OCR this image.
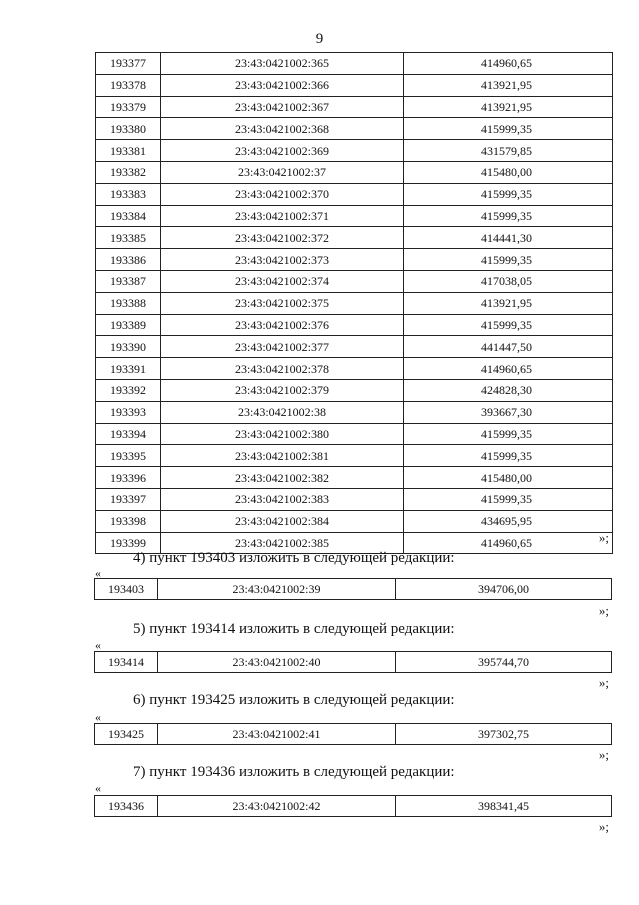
9
193377	23:43:0421002:365	414960,65
193378	23:43:0421002:366	413921,95
193379	23:43:0421002:367	413921,95
193380	23:43:0421002:368	415999,35
193381	23:43:0421002:369	431579,85
193382	23:43:0421002:37	415480,00
193383	23:43:0421002:370	415999,35
193384	23:43:0421002:371	415999,35
193385	23:43:0421002:372	414441,30
193386	23:43:0421002:373	415999,35
193387	23:43:0421002:374	417038,05
193388	23:43:0421002:375	413921,95
193389	23:43:0421002:376	415999,35
193390	23:43:0421002:377	441447,50
193391	23:43:0421002:378	414960,65
193392	23:43:0421002:379	424828,30
193393	23:43:0421002:38	393667,30
193394	23:43:0421002:380	415999,35
193395	23:43:0421002:381	415999,35
193396	23:43:0421002:382	415480,00
193397	23:43:0421002:383	415999,35
193398	23:43:0421002:384	434695,95
193399	23:43:0421002:385	414960,65	»;
4) пункт 193403 изложить в следующей редакции:
«
193403	23:43:0421002:39	394706,00
»;
5) пункт 193414 изложить в следующей редакции:
«
193414	23:43:0421002:40	395744,70
»;
6) пункт 193425 изложить в следующей редакции:
«
193425	23:43:0421002:41	397302,75
»;
7) пункт 193436 изложить в следующей редакции:
«
193436	23:43:0421002:42	398341,45
»;
